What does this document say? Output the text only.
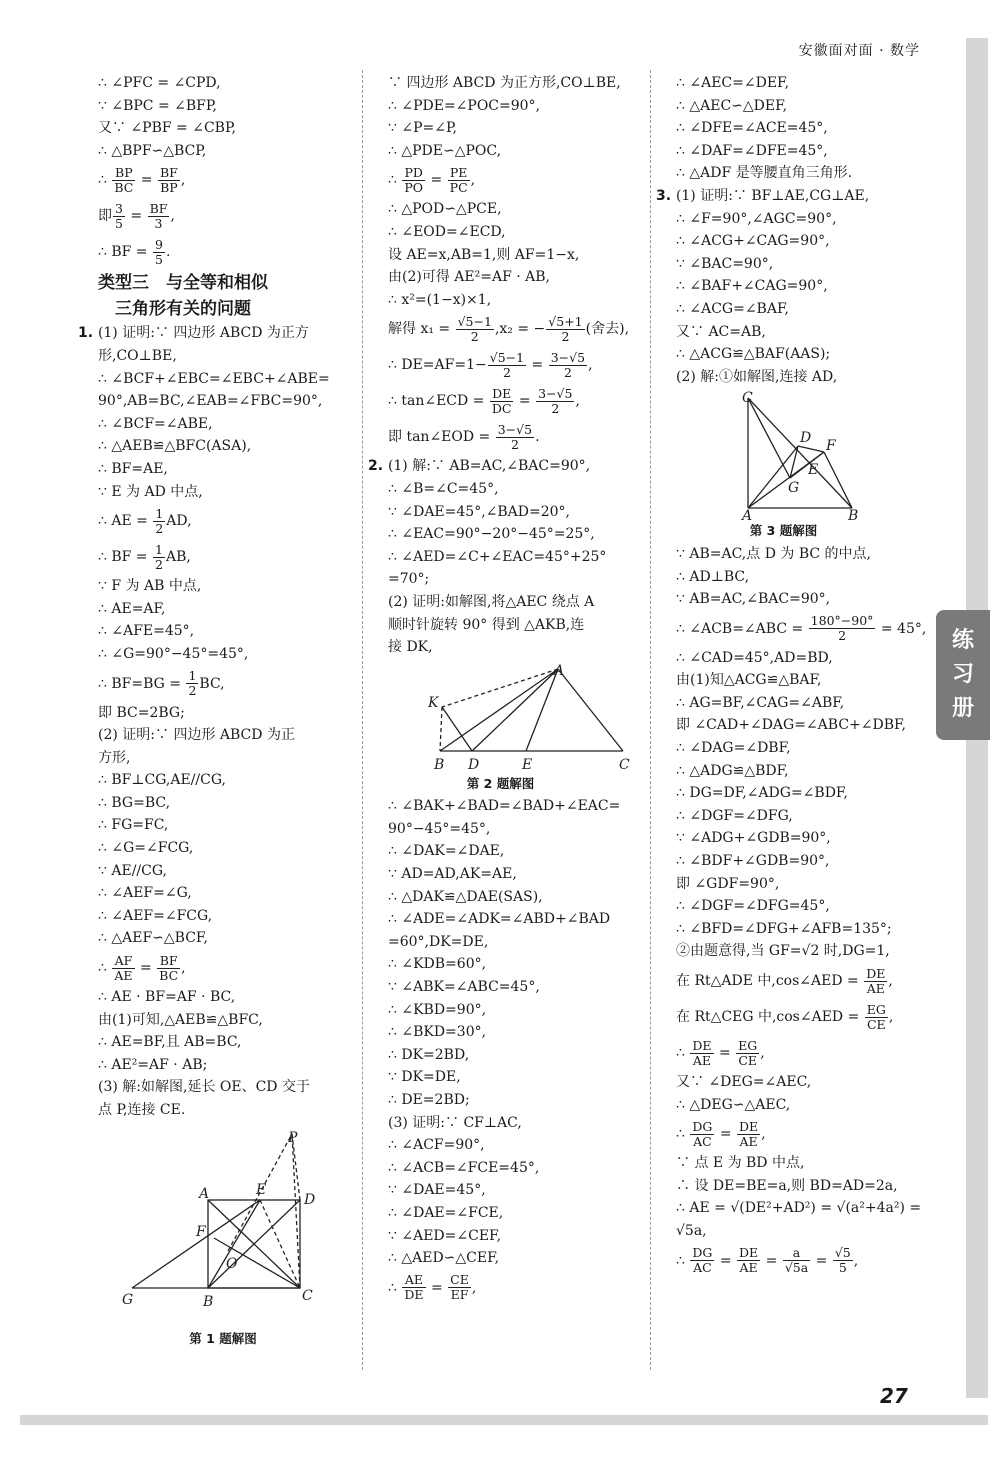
安徽面对面 · 数学
练
习
册
27
∴ ∠PFC = ∠CPD,
∵ ∠BPC = ∠BFP,
又∵ ∠PBF = ∠CBP,
∴ △BPF∽△BCP,
∴ $\frac{BP}{BC} = \frac{BF}{BP}$ ,
即 $\frac{3}{5} = \frac{BF}{3}$ ,
∴ BF = $\frac{9}{5}$ .
类型三　与全等和相似
　三角形有关的问题
1. (1) 证明:∵ 四边形 ABCD 为正方
形,CO⊥BE,
∴ ∠BCF+∠EBC=∠EBC+∠ABE=
90°,AB=BC,∠EAB=∠FBC=90°,
∴ ∠BCF=∠ABE,
∴ △AEB≌△BFC(ASA),
∴ BF=AE,
∵ E 为 AD 中点,
∴ AE = $\frac{1}{2}$ AD,
∴ BF = $\frac{1}{2}$ AB,
∵ F 为 AB 中点,
∴ AE=AF,
∴ ∠AFE=45°,
∴ ∠G=90°−45°=45°,
∴ $BF=BG = \frac{1}{2}$ BC,
即 BC=2BG;
(2) 证明:∵ 四边形 ABCD 为正
方形,
∴ BF⊥CG,AE//CG,
∴ BG=BC,
∴ FG=FC,
∴ ∠G=∠FCG,
∵ AE//CG,
∴ ∠AEF=∠G,
∴ ∠AEF=∠FCG,
∴ △AEF∽△BCF,
∴ $\frac{AF}{AE} = \frac{BF}{BC}$ ,
∴ AE · BF=AF · BC,
由(1)可知,△AEB≌△BFC,
∴ AE=BF,且 AB=BC,
∴ AE²=AF · AB;
(3) 解:如解图,延长 OE、CD 交于
点 P,连接 CE.
A	E
D
F
O
P
G	B	C
第 1 题解图
∵ 四边形 ABCD 为正方形,CO⊥BE,
∴ ∠PDE=∠POC=90°,
∵ ∠P=∠P,
∴ △PDE∽△POC,
∴ $\frac{PD}{PO} = \frac{PE}{PC}$ ,
∴ △POD∽△PCE,
∴ ∠EOD=∠ECD,
设 AE=x,AB=1,则 AF=1−x,
由(2)可得 AE²=AF · AB,
∴ x²=(1−x)×1,
解得 $x_1 = \frac{√5-1}{2} ,x_2$ = − $\frac{√5+1}{2}$ (舍去),
∴ $DE=AF=1- \frac{√5-1}{2} = \frac{3-√5}{2}$ ,
∴ tan∠ECD = $\frac{DE}{DC} = \frac{3-√5}{2}$ ,
即 tan∠EOD = $\frac{3-√5}{2}$ .
2. (1) 解:∵ AB=AC,∠BAC=90°,
∴ ∠B=∠C=45°,
∵ ∠DAE=45°,∠BAD=20°,
∴ ∠EAC=90°−20°−45°=25°,
∴ ∠AED=∠C+∠EAC=45°+25°
=70°;
(2) 证明:如解图,将△AEC 绕点 A
顺时针旋转 90° 得到 △AKB,连
接 DK,
A
K
B D	E	C
第 2 题解图
∴ ∠BAK+∠BAD=∠BAD+∠EAC=
90°−45°=45°,
∴ ∠DAK=∠DAE,
∵ AD=AD,AK=AE,
∴ △DAK≌△DAE(SAS),
∴ ∠ADE=∠ADK=∠ABD+∠BAD
=60°,DK=DE,
∴ ∠KDB=60°,
∵ ∠ABK=∠ABC=45°,
∴ ∠KBD=90°,
∴ ∠BKD=30°,
∴ DK=2BD,
∵ DK=DE,
∴ DE=2BD;
(3) 证明:∵ CF⊥AC,
∴ ∠ACF=90°,
∴ ∠ACB=∠FCE=45°,
∵ ∠DAE=45°,
∴ ∠DAE=∠FCE,
∵ ∠AED=∠CEF,
∴ △AED∽△CEF,
∴ $\frac{AE}{DE} = \frac{CE}{EF}$ ,
∴ ∠AEC=∠DEF,
∴ △AEC∽△DEF,
∴ ∠DFE=∠ACE=45°,
∴ ∠DAF=∠DFE=45°,
∴ △ADF 是等腰直角三角形.
3. (1) 证明:∵ BF⊥AE,CG⊥AE,
∴ ∠F=90°,∠AGC=90°,
∴ ∠ACG+∠CAG=90°,
∵ ∠BAC=90°,
∴ ∠BAF+∠CAG=90°,
∴ ∠ACG=∠BAF,
又∵ AC=AB,
∴ △ACG≌△BAF(AAS);
(2) 解:①如解图,连接 AD,
C
D F
E
G
A	B
第 3 题解图
∵ AB=AC,点 D 为 BC 的中点,
∴ AD⊥BC,
∵ AB=AC,∠BAC=90°,
∴ ∠ACB=∠ABC = $\frac{180^\circ-90^\circ}{2} = 45^\circ$,
∴ ∠CAD=45°,AD=BD,
由(1)知△ACG≌△BAF,
∴ AG=BF,∠CAG=∠ABF,
即 ∠CAD+∠DAG=∠ABC+∠DBF,
∴ ∠DAG=∠DBF,
∴ △ADG≌△BDF,
∴ DG=DF,∠ADG=∠BDF,
∴ ∠DGF=∠DFG,
∵ ∠ADG+∠GDB=90°,
∴ ∠BDF+∠GDB=90°,
即 ∠GDF=90°,
∴ ∠DGF=∠DFG=45°,
∴ ∠BFD=∠DFG+∠AFB=135°;
②由题意得,当 GF=√2 时,DG=1,
在 Rt△ADE 中,cos∠AED = $\frac{DE}{AE}$ ,
在 Rt△CEG 中,cos∠AED = $\frac{EG}{CE}$ ,
∴ $\frac{DE}{AE} = \frac{EG}{CE}$ ,
又∵ ∠DEG=∠AEC,
∴ △DEG∽△AEC,
∴ $\frac{DG}{AC} = \frac{DE}{AE}$ ,
∵ 点 E 为 BD 中点,
∴ 设 DE=BE=a,则 BD=AD=2a,
∴ AE = √(DE²+AD²) = √(a²+4a²) =
√5a,
∴ $\frac{DG}{AC} = \frac{DE}{AE} = \frac{a}{√5a} = \frac{√5}{5}$ ,
